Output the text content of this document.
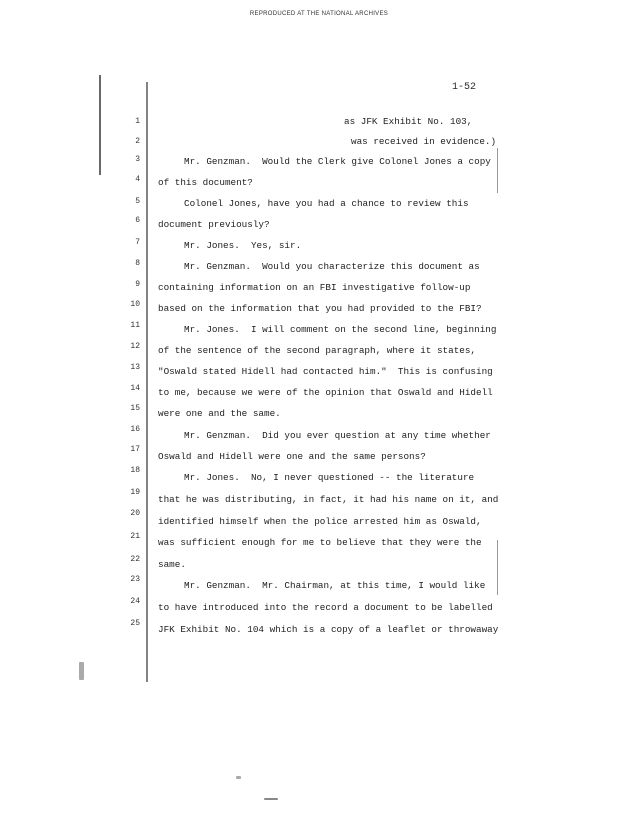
REPRODUCED AT THE NATIONAL ARCHIVES
1-52
1
2
3
4
5
6
7
8
9
10
11
12
13
14
15
16
17
18
19
20
21
22
23
24
25
as JFK Exhibit No. 103,
was received in evidence.)
Mr. Genzman.  Would the Clerk give Colonel Jones a copy
of this document?
Colonel Jones, have you had a chance to review this
document previously?
Mr. Jones.  Yes, sir.
Mr. Genzman.  Would you characterize this document as
containing information on an FBI investigative follow-up
based on the information that you had provided to the FBI?
Mr. Jones.  I will comment on the second line, beginning
of the sentence of the second paragraph, where it states,
"Oswald stated Hidell had contacted him."  This is confusing
to me, because we were of the opinion that Oswald and Hidell
were one and the same.
Mr. Genzman.  Did you ever question at any time whether
Oswald and Hidell were one and the same persons?
Mr. Jones.  No, I never questioned -- the literature
that he was distributing, in fact, it had his name on it, and
identified himself when the police arrested him as Oswald,
was sufficient enough for me to believe that they were the
same.
Mr. Genzman.  Mr. Chairman, at this time, I would like
to have introduced into the record a document to be labelled
JFK Exhibit No. 104 which is a copy of a leaflet or throwaway
